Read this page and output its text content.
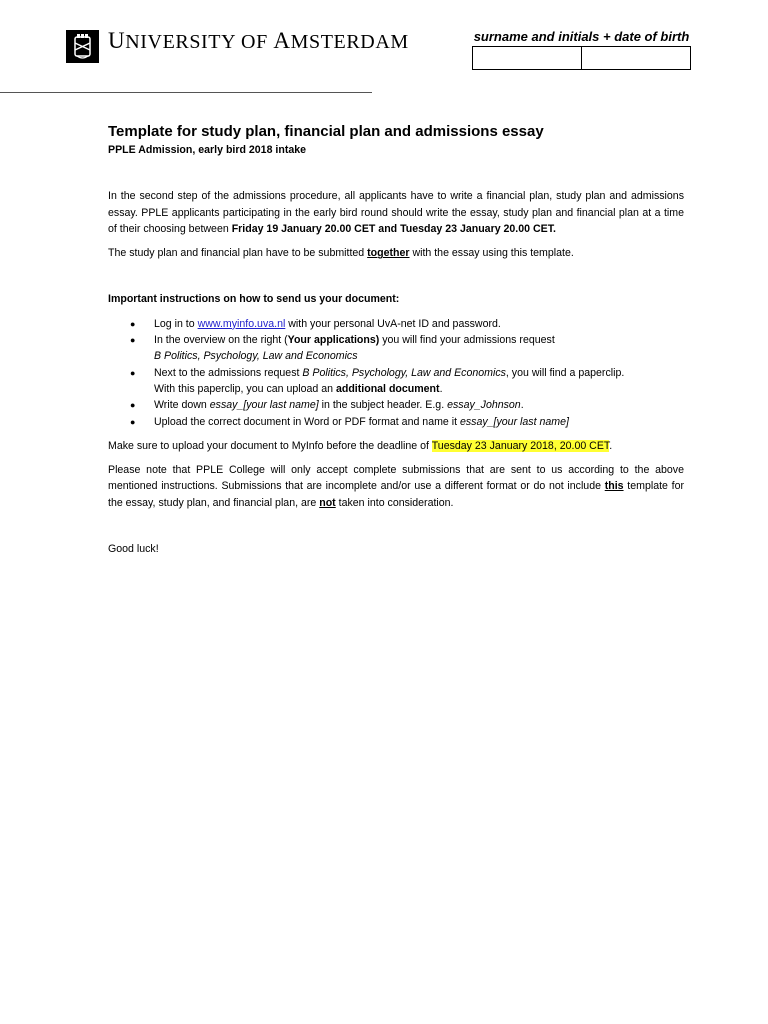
UNIVERSITY OF AMSTERDAM	surname and initials + date of birth

Template for study plan, financial plan and admissions essay

PPLE Admission, early bird 2018 intake

In the second step of the admissions procedure, all applicants have to write a financial plan, study plan and admissions essay. PPLE applicants participating in the early bird round should write the essay, study plan and financial plan at a time of their choosing between Friday 19 January 20.00 CET and Tuesday 23 January 20.00 CET.

The study plan and financial plan have to be submitted together with the essay using this template.

Important instructions on how to send us your document:

● Log in to www.myinfo.uva.nl with your personal UvA-net ID and password.
● In the overview on the right (Your applications) you will find your admissions request
B Politics, Psychology, Law and Economics
● Next to the admissions request B Politics, Psychology, Law and Economics, you will find a paperclip.
With this paperclip, you can upload an additional document.
● Write down essay_[your last name] in the subject header. E.g. essay_Johnson.
● Upload the correct document in Word or PDF format and name it essay_[your last name]

Make sure to upload your document to MyInfo before the deadline of Tuesday 23 January 2018, 20.00 CET.

Please note that PPLE College will only accept complete submissions that are sent to us according to the above mentioned instructions. Submissions that are incomplete and/or use a different format or do not include this template for the essay, study plan, and financial plan, are not taken into consideration.

Good luck!
